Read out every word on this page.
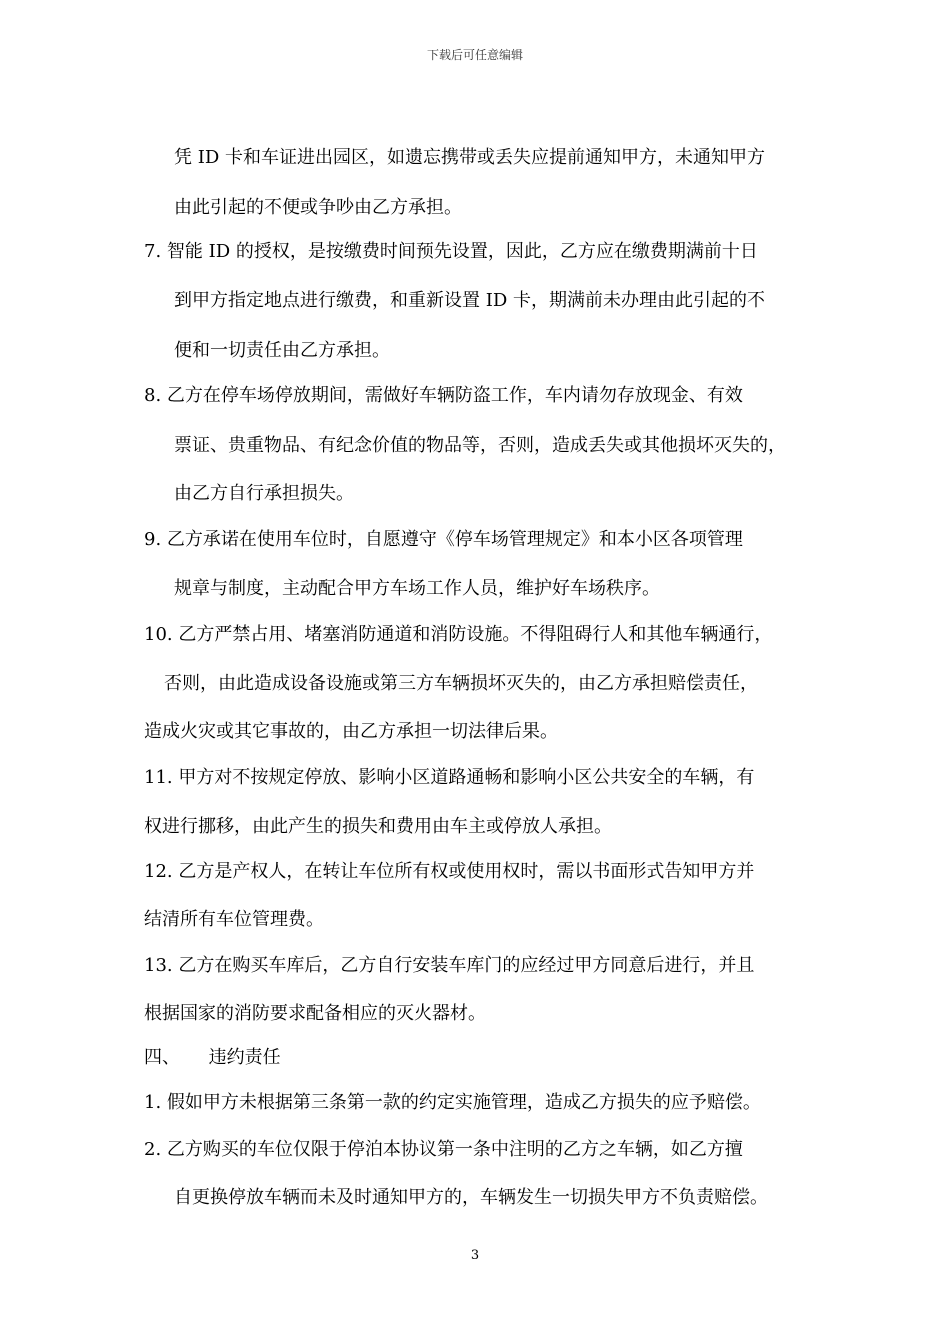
下载后可任意编辑
凭 ID 卡和车证进出园区，如遗忘携带或丢失应提前通知甲方，未通知甲方
由此引起的不便或争吵由乙方承担。
7. 智能 ID 的授权，是按缴费时间预先设置，因此，乙方应在缴费期满前十日
到甲方指定地点进行缴费，和重新设置 ID 卡，期满前未办理由此引起的不
便和一切责任由乙方承担。
8. 乙方在停车场停放期间，需做好车辆防盗工作，车内请勿存放现金、有效
票证、贵重物品、有纪念价值的物品等，否则，造成丢失或其他损坏灭失的，
由乙方自行承担损失。
9. 乙方承诺在使用车位时，自愿遵守《停车场管理规定》和本小区各项管理
规章与制度，主动配合甲方车场工作人员，维护好车场秩序。
10. 乙方严禁占用、堵塞消防通道和消防设施。不得阻碍行人和其他车辆通行，
否则，由此造成设备设施或第三方车辆损坏灭失的，由乙方承担赔偿责任，
造成火灾或其它事故的，由乙方承担一切法律后果。
11. 甲方对不按规定停放、影响小区道路通畅和影响小区公共安全的车辆，有
权进行挪移，由此产生的损失和费用由车主或停放人承担。
12. 乙方是产权人，在转让车位所有权或使用权时，需以书面形式告知甲方并
结清所有车位管理费。
13. 乙方在购买车库后，乙方自行安装车库门的应经过甲方同意后进行，并且
根据国家的消防要求配备相应的灭火器材。
四、     违约责任
1. 假如甲方未根据第三条第一款的约定实施管理，造成乙方损失的应予赔偿。
2. 乙方购买的车位仅限于停泊本协议第一条中注明的乙方之车辆，如乙方擅
自更换停放车辆而未及时通知甲方的，车辆发生一切损失甲方不负责赔偿。
3
